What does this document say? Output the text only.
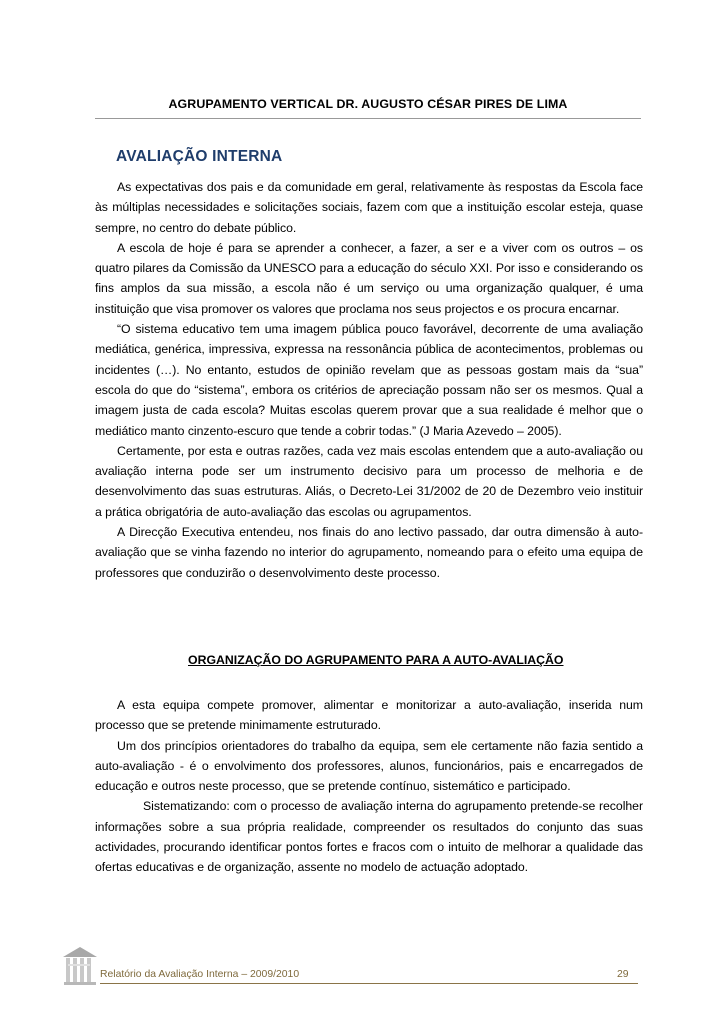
AGRUPAMENTO VERTICAL DR. AUGUSTO CÉSAR PIRES DE LIMA
AVALIAÇÃO INTERNA

As expectativas dos pais e da comunidade em geral, relativamente às respostas da Escola face às múltiplas necessidades e solicitações sociais, fazem com que a instituição escolar esteja, quase sempre, no centro do debate público.

A escola de hoje é para se aprender a conhecer, a fazer, a ser e a viver com os outros – os quatro pilares da Comissão da UNESCO para a educação do século XXI. Por isso e considerando os fins amplos da sua missão, a escola não é um serviço ou uma organização qualquer, é uma instituição que visa promover os valores que proclama nos seus projectos e os procura encarnar.

“O sistema educativo tem uma imagem pública pouco favorável, decorrente de uma avaliação mediática, genérica, impressiva, expressa na ressonância pública de acontecimentos, problemas ou incidentes (…). No entanto, estudos de opinião revelam que as pessoas gostam mais da “sua” escola do que do “sistema”, embora os critérios de apreciação possam não ser os mesmos. Qual a imagem justa de cada escola? Muitas escolas querem provar que a sua realidade é melhor que o mediático manto cinzento-escuro que tende a cobrir todas.” (J Maria Azevedo – 2005).

Certamente, por esta e outras razões, cada vez mais escolas entendem que a auto-avaliação ou avaliação interna pode ser um instrumento decisivo para um processo de melhoria e de desenvolvimento das suas estruturas. Aliás, o Decreto-Lei 31/2002 de 20 de Dezembro veio instituir a prática obrigatória de auto-avaliação das escolas ou agrupamentos.

A Direcção Executiva entendeu, nos finais do ano lectivo passado, dar outra dimensão à auto-avaliação que se vinha fazendo no interior do agrupamento, nomeando para o efeito uma equipa de professores que conduzirão o desenvolvimento deste processo.

ORGANIZAÇÃO DO AGRUPAMENTO PARA A AUTO-AVALIAÇÃO

A esta equipa compete promover, alimentar e monitorizar a auto-avaliação, inserida num processo que se pretende minimamente estruturado.

Um dos princípios orientadores do trabalho da equipa, sem ele certamente não fazia sentido a auto-avaliação - é o envolvimento dos professores, alunos, funcionários, pais e encarregados de educação e outros neste processo, que se pretende contínuo, sistemático e participado.

Sistematizando: com o processo de avaliação interna do agrupamento pretende-se recolher informações sobre a sua própria realidade, compreender os resultados do conjunto das suas actividades, procurando identificar pontos fortes e fracos com o intuito de melhorar a qualidade das ofertas educativas e de organização, assente no modelo de actuação adoptado.

Relatório da Avaliação Interna – 2009/2010	29
